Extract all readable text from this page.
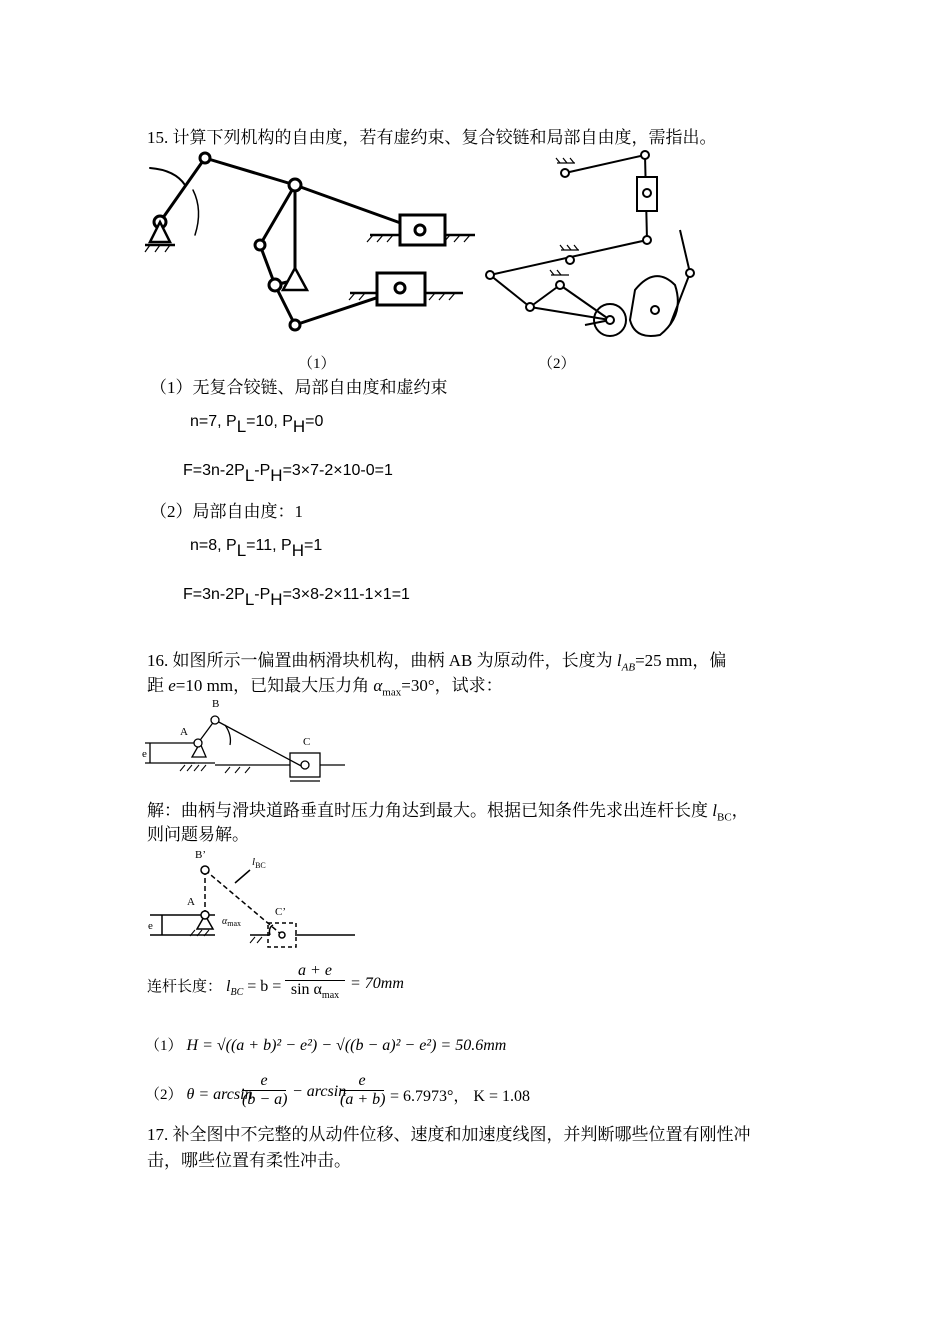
15. 计算下列机构的自由度，若有虚约束、复合铰链和局部自由度，需指出。
（1）	（2）
（1）无复合铰链、局部自由度和虚约束
n=7, PL=10, PH=0
F=3n-2PL-PH=3×7-2×10-0=1
（2）局部自由度：1
n=8, PL=11, PH=1
F=3n-2PL-PH=3×8-2×11-1×1=1
16. 如图所示一偏置曲柄滑块机构，曲柄 AB 为原动件，长度为 $l_{AB}=25$ mm，偏
距 e=10 mm，已知最大压力角 $\alpha_{max}=30^\circ$，试求：
B
A
C
e
解：曲柄与滑块道路垂直时压力角达到最大。根据已知条件先求出连杆长度 $l_{BC}$，
则问题易解。
B’
$l_{BC}$
A
$\alpha_{max}$
C’
e
连杆长度： $l_{BC} = b$ =
a + e
$\sin \alpha_{max}$
= 70mm
（1） H = √((a + b)² − e²) − √((b − a)² − e²) = 50.6mm
（2） θ = arcsin
e
(b − a) − arcsin
e
(a + b) = 6.7973°， K = 1.08
17. 补全图中不完整的从动件位移、速度和加速度线图，并判断哪些位置有刚性冲
击，哪些位置有柔性冲击。
